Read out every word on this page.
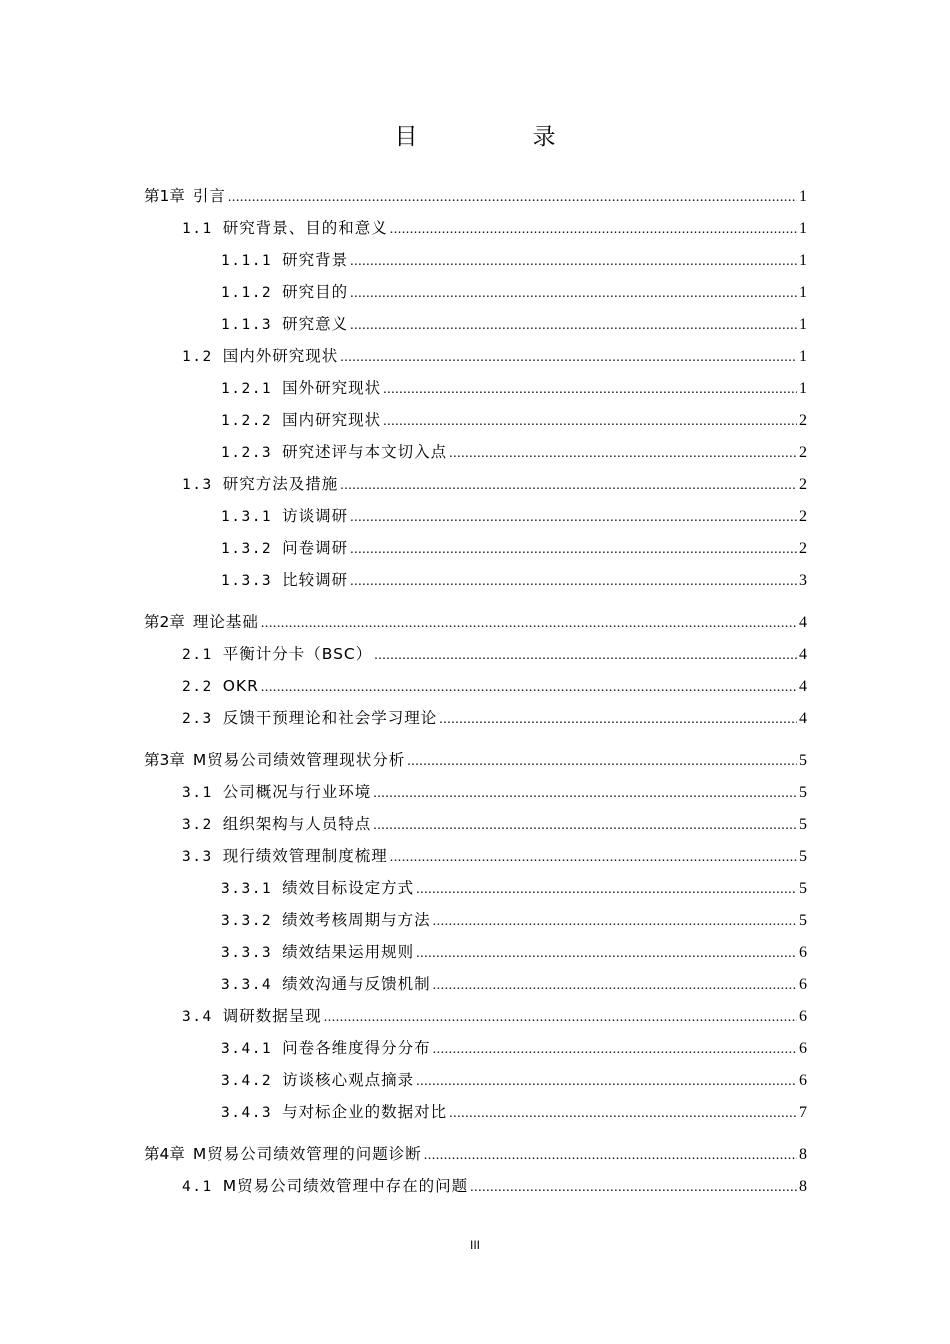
目　录
第1章 引言 .....	1
1.1 研究背景、目的和意义 .....	1
1.1.1 研究背景 .....	1
1.1.2 研究目的 .....	1
1.1.3 研究意义 .....	1
1.2 国内外研究现状 .....	1
1.2.1 国外研究现状 .....	1
1.2.2 国内研究现状 .....	2
1.2.3 研究述评与本文切入点 .....	2
1.3 研究方法及措施 .....	2
1.3.1 访谈调研 .....	2
1.3.2 问卷调研 .....	2
1.3.3 比较调研 .....	3
第2章 理论基础 .....	4
2.1 平衡计分卡（BSC） .....	4
2.2 OKR .....	4
2.3 反馈干预理论和社会学习理论 .....	4
第3章 M贸易公司绩效管理现状分析 .....	5
3.1 公司概况与行业环境 .....	5
3.2 组织架构与人员特点 .....	5
3.3 现行绩效管理制度梳理 .....	5
3.3.1 绩效目标设定方式 .....	5
3.3.2 绩效考核周期与方法 .....	5
3.3.3 绩效结果运用规则 .....	6
3.3.4 绩效沟通与反馈机制 .....	6
3.4 调研数据呈现 .....	6
3.4.1 问卷各维度得分分布 .....	6
3.4.2 访谈核心观点摘录 .....	6
3.4.3 与对标企业的数据对比 .....	7
第4章 M贸易公司绩效管理的问题诊断 .....	8
4.1 M贸易公司绩效管理中存在的问题 .....	8
III
